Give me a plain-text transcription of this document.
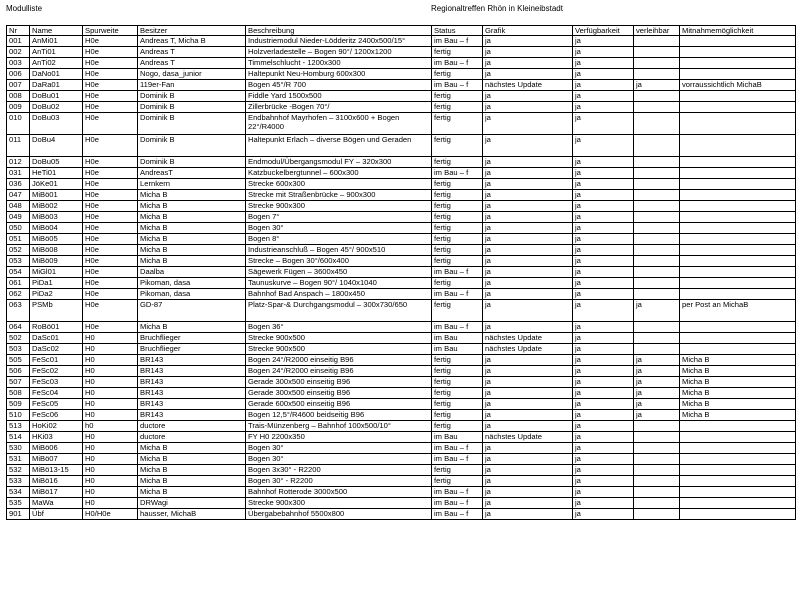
Modulliste	Regionaltreffen Rhön in Kleineibstadt
Nr	Name	Spurweite	Besitzer	Beschreibung	Status	Grafik	Verfügbarkeit	verleihbar	Mitnahmemöglichkeit
001	AnMi01	H0e	Andreas T, Micha B	Industriemodul Nieder-Lödderitz 2400x500/15°	im Bau – f	ja	ja		
002	AnTi01	H0e	Andreas T	Holzverladestelle – Bogen 90°/ 1200x1200	fertig	ja	ja		
003	AnTi02	H0e	Andreas T	Timmelschlucht - 1200x300	im Bau – f	ja	ja		
006	DaNo01	H0e	Nogo, dasa_junior	Haltepunkt Neu-Homburg 600x300	fertig	ja	ja		
007	DaRa01	H0e	119er-Fan	Bogen 45°/R 700	im Bau – f	nächstes Update	ja	ja	vorraussichtlich MichaB
008	DoBu01	H0e	Dominik B	Fiddle Yard 1500x500	fertig	ja	ja		
009	DoBu02	H0e	Dominik B	Zillerbrücke -Bogen 70°/	fertig	ja	ja		
010	DoBu03	H0e	Dominik B	Endbahnhof Mayrhofen – 3100x600 + Bogen 22°/R4000	fertig	ja	ja		
011	DoBu4	H0e	Dominik B	Haltepunkt Erlach – diverse Bögen und Geraden	fertig	ja	ja		
012	DoBu05	H0e	Dominik B	Endmodul/Übergangsmodul FY – 320x300	fertig	ja	ja		
031	HeTi01	H0e	AndreasT	Katzbuckelbergtunnel – 600x300	im Bau – f	ja	ja		
036	JöKe01	H0e	Lernkern	Strecke 600x300	fertig	ja	ja		
047	MiBö01	H0e	Micha B	Strecke mit Straßenbrücke – 900x300	fertig	ja	ja		
048	MiBö02	H0e	Micha B	Strecke 900x300	fertig	ja	ja		
049	MiBö03	H0e	Micha B	Bogen 7°	fertig	ja	ja		
050	MiBö04	H0e	Micha B	Bogen 30°	fertig	ja	ja		
051	MiBö05	H0e	Micha B	Bogen 8°	fertig	ja	ja		
052	MiBö08	H0e	Micha B	Industrieanschluß – Bogen 45°/ 900x510	fertig	ja	ja		
053	MiBö09	H0e	Micha B	Strecke – Bogen 30°/600x400	fertig	ja	ja		
054	MiGl01	H0e	Daalba	Sägewerk Fügen – 3600x450	im Bau – f	ja	ja		
061	PiDa1	H0e	Pikoman, dasa	Taunuskurve – Bogen 90°/ 1040x1040	fertig	ja	ja		
062	PiDa2	H0e	Pikoman, dasa	Bahnhof Bad Anspach – 1800x450	im Bau – f	ja	ja		
063	PSMb	H0e	GD-87	Platz-Spar-& Durchgangsmodul – 300x730/650	fertig	ja	ja	ja	per Post an MichaB
064	RoBö01	H0e	Micha B	Bogen 36°	im Bau – f	ja	ja		
502	DaSc01	H0	Bruchflieger	Strecke 900x500	im Bau	nächstes Update	ja		
503	DaSc02	H0	Bruchflieger	Strecke 900x500	im Bau	nächstes Update	ja		
505	FeSc01	H0	BR143	Bogen 24°/R2000 einseitig B96	fertig	ja	ja	ja	Micha B
506	FeSc02	H0	BR143	Bogen 24°/R2000 einseitig B96	fertig	ja	ja	ja	Micha B
507	FeSc03	H0	BR143	Gerade 300x500 einseitig B96	fertig	ja	ja	ja	Micha B
508	FeSc04	H0	BR143	Gerade 300x500 einseitig B96	fertig	ja	ja	ja	Micha B
509	FeSc05	H0	BR143	Gerade 600x500 einseitig B96	fertig	ja	ja	ja	Micha B
510	FeSc06	H0	BR143	Bogen 12,5°/R4600 beidseitig B96	fertig	ja	ja	ja	Micha B
513	HoKi02	h0	ductore	Trais-Münzenberg – Bahnhof 100x500/10°	fertig	ja	ja		
514	HKi03	H0	ductore	FY H0 2200x350	im Bau	nächstes Update	ja		
530	MiBö06	H0	Micha B	Bogen 30°	im Bau – f	ja	ja		
531	MiBö07	H0	Micha B	Bogen 30°	im Bau – f	ja	ja		
532	MiBö13-15	H0	Micha B	Bogen 3x30° - R2200	fertig	ja	ja		
533	MiBö16	H0	Micha B	Bogen 30° - R2200	fertig	ja	ja		
534	MiBö17	H0	Micha B	Bahnhof Rotterode 3000x500	im Bau – f	ja	ja		
535	MaWa	H0	DRWagi	Strecke 900x300	im Bau – f	ja	ja		
901	Übf	H0/H0e	hausser, MichaB	Übergabebahnhof 5500x800	im Bau – f	ja	ja		
